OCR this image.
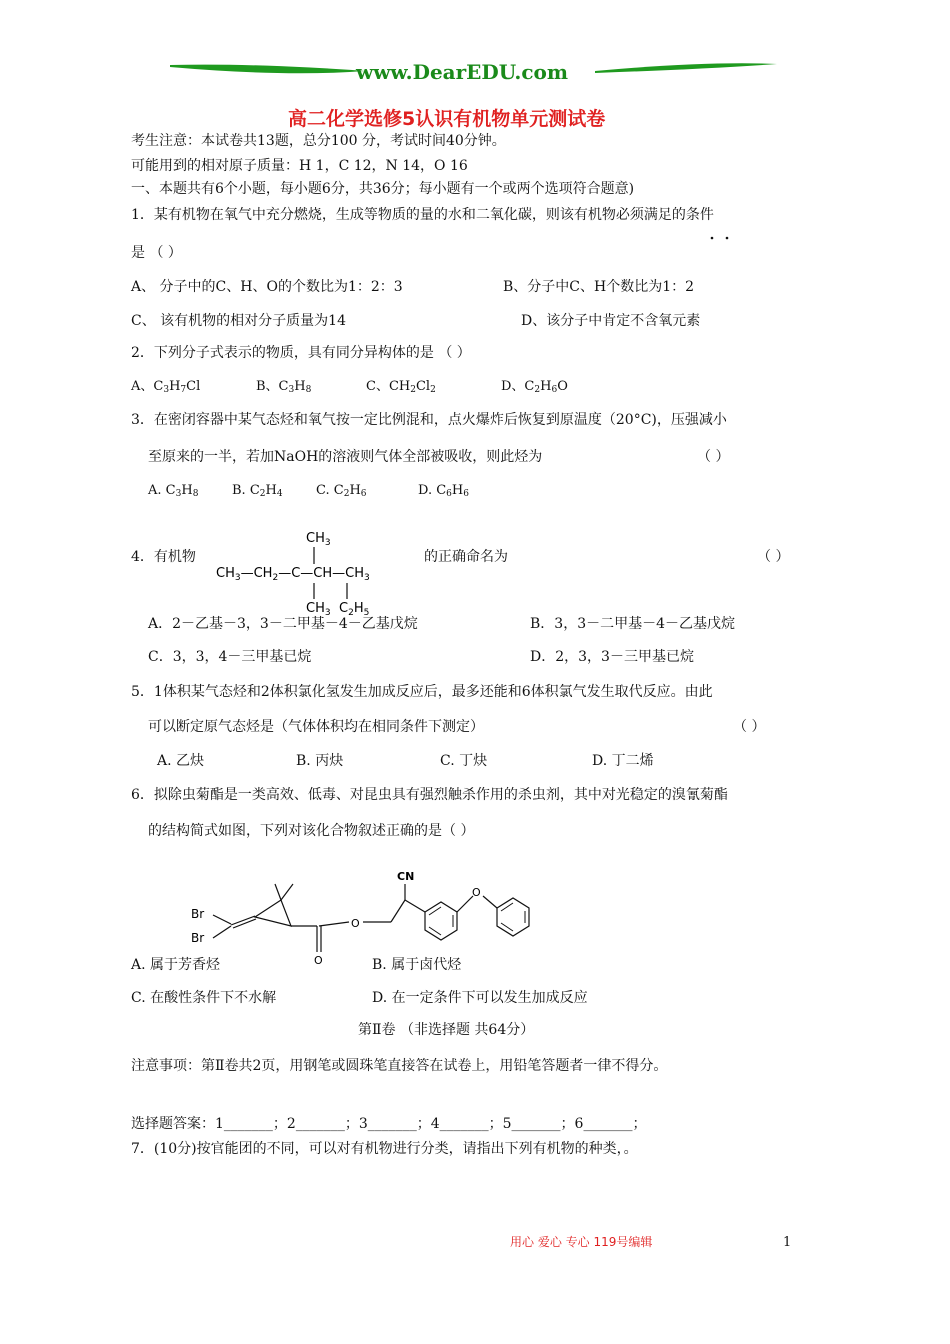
www.DearEDU.com
高二化学选修5认识有机物单元测试卷
考生注意：本试卷共13题，总分100 分，考试时间40分钟。
可能用到的相对原子质量：H 1，C 12，N 14，O 16
一、本题共有6个小题，每小题6分，共36分；每小题有一个或两个选项符合题意)
1．某有机物在氧气中充分燃烧，生成等物质的量的水和二氧化碳，则该有机物必须满足的条件
是 （ ）
A、 分子中的C、H、O的个数比为1：2：3	B、分子中C、H个数比为1：2
C、 该有机物的相对分子质量为14	D、该分子中肯定不含氧元素
2．下列分子式表示的物质，具有同分异构体的是 （ ）
A、$C_3H_7Cl$	B、$C_3H_8$	C、$CH_2Cl_2$	D、$C_2H_6O$
3．在密闭容器中某气态烃和氧气按一定比例混和，点火爆炸后恢复到原温度（20°C)，压强减小
至原来的一半，若加NaOH的溶液则气体全部被吸收，则此烃为	（ ）
A. $C_3H_8$	B. $C_2H_4$	C. $C_2H_6$	D. $C_6H_6$
4．有机物
$CH_3$
$CH_3—CH_2—C—CH—CH_3$
$CH_3$ $C_2H_5$
的正确命名为	（ ）
A．2－乙基－3，3－二甲基－4－乙基戊烷	B．3，3－二甲基－4－乙基戊烷
C．3，3，4－三甲基已烷	D．2，3，3－三甲基已烷
5．1体积某气态烃和2体积氯化氢发生加成反应后，最多还能和6体积氯气发生取代反应。由此
可以断定原气态烃是（气体体积均在相同条件下测定）	（ ）
A. 乙炔	B. 丙炔	C. 丁炔	D. 丁二烯
6．拟除虫菊酯是一类高效、低毒、对昆虫具有强烈触杀作用的杀虫剂，其中对光稳定的溴氰菊酯
的结构简式如图，下列对该化合物叙述正确的是（ ）
A. 属于芳香烃	B. 属于卤代烃
Br
Br
O
O
CN
O
C. 在酸性条件下不水解	D. 在一定条件下可以发生加成反应
第Ⅱ卷 （非选择题 共64分）
注意事项：第Ⅱ卷共2页，用钢笔或圆珠笔直接答在试卷上，用铅笔答题者一律不得分。
选择题答案：1_______；2_______；3_______；4_______；5_______；6_______；
7．(10分)按官能团的不同，可以对有机物进行分类，请指出下列有机物的种类，。
用心 爱心 专心 119号编辑	1
